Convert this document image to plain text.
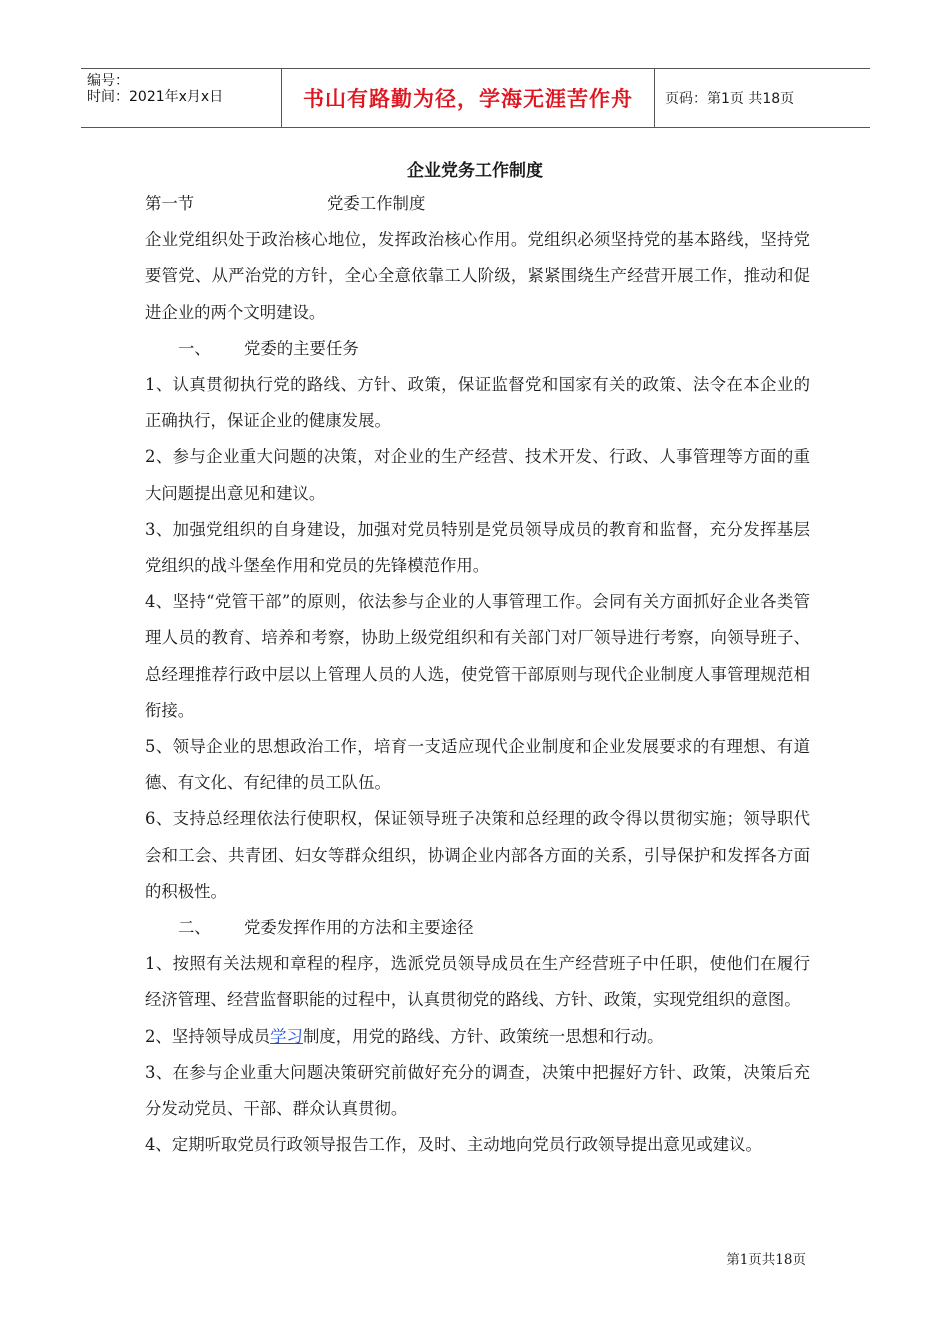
编号：
时间：2021年x月x日	书山有路勤为径，学海无涯苦作舟 页码：第1页 共18页
企业党务工作制度
第一节	党委工作制度

企业党组织处于政治核心地位，发挥政治核心作用。党组织必须坚持党的基本路线，坚持党要管党、从严治党的方针，全心全意依靠工人阶级，紧紧围绕生产经营开展工作，推动和促进企业的两个文明建设。

一、	党委的主要任务

1、认真贯彻执行党的路线、方针、政策，保证监督党和国家有关的政策、法令在本企业的正确执行，保证企业的健康发展。

2、参与企业重大问题的决策，对企业的生产经营、技术开发、行政、人事管理等方面的重大问题提出意见和建议。

3、加强党组织的自身建设，加强对党员特别是党员领导成员的教育和监督，充分发挥基层党组织的战斗堡垒作用和党员的先锋模范作用。

4、坚持“党管干部”的原则，依法参与企业的人事管理工作。会同有关方面抓好企业各类管理人员的教育、培养和考察，协助上级党组织和有关部门对厂领导进行考察，向领导班子、总经理推荐行政中层以上管理人员的人选，使党管干部原则与现代企业制度人事管理规范相衔接。

5、领导企业的思想政治工作，培育一支适应现代企业制度和企业发展要求的有理想、有道德、有文化、有纪律的员工队伍。

6、支持总经理依法行使职权，保证领导班子决策和总经理的政令得以贯彻实施；领导职代会和工会、共青团、妇女等群众组织，协调企业内部各方面的关系，引导保护和发挥各方面的积极性。

二、	党委发挥作用的方法和主要途径

1、按照有关法规和章程的程序，选派党员领导成员在生产经营班子中任职，使他们在履行经济管理、经营监督职能的过程中，认真贯彻党的路线、方针、政策，实现党组织的意图。

2、坚持领导成员学习制度，用党的路线、方针、政策统一思想和行动。

3、在参与企业重大问题决策研究前做好充分的调查，决策中把握好方针、政策，决策后充分发动党员、干部、群众认真贯彻。

4、定期听取党员行政领导报告工作，及时、主动地向党员行政领导提出意见或建议。

第1页共18页
